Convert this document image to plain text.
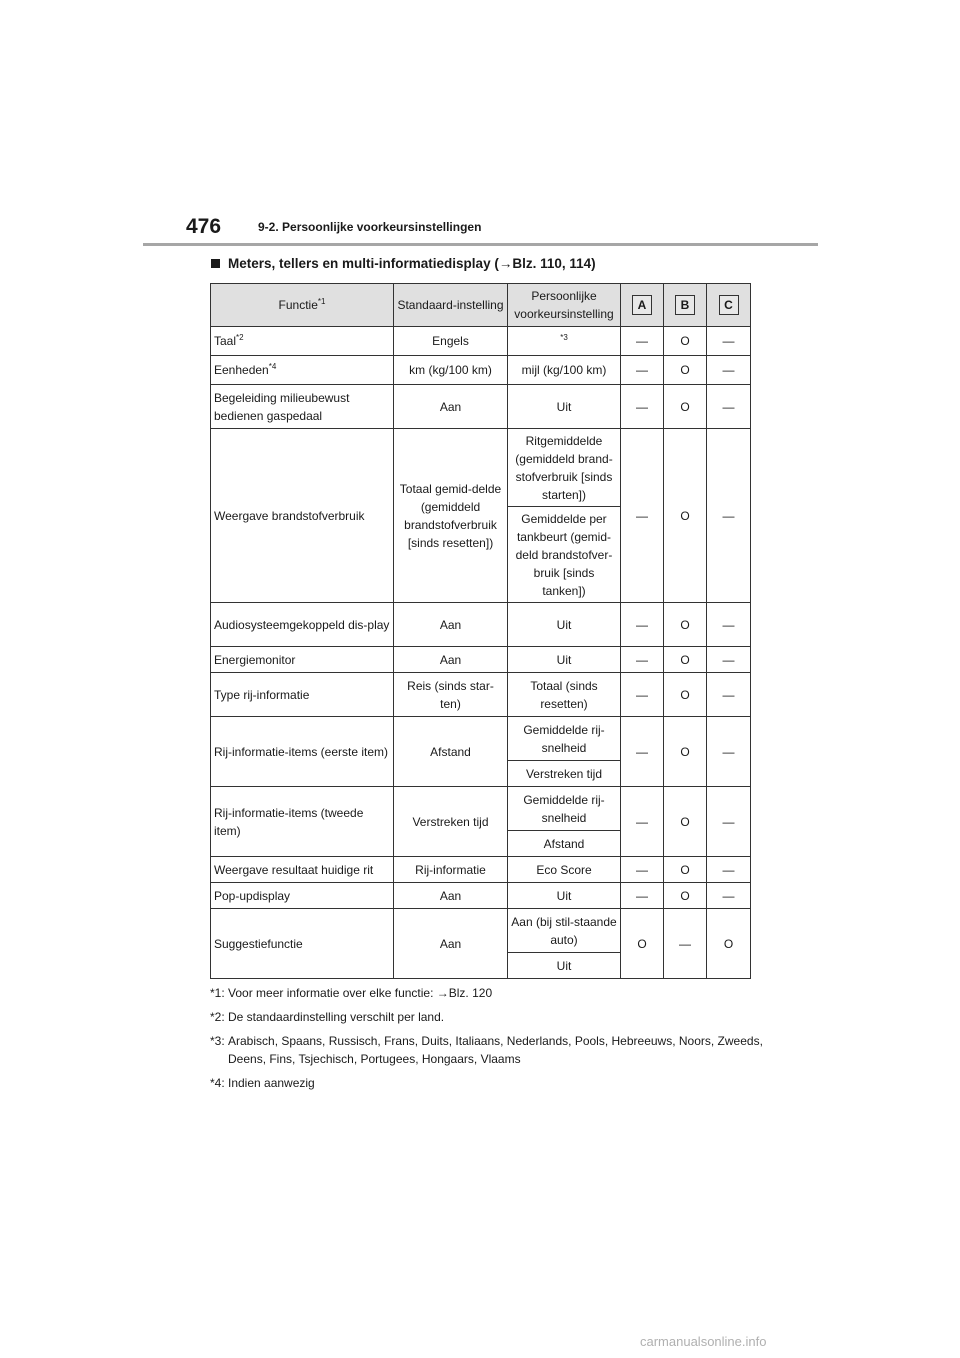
476	9-2. Persoonlijke voorkeursinstellingen
Meters, tellers en multi-informatiedisplay (→Blz. 110, 114)
Functie$^{*1}$	Standaard-instelling	Persoonlijke voorkeursinstelling	A	B	C
Taal$^{*2}$	Engels	$^{*3}$	—	O	—
Eenheden$^{*4}$	km (kg/100 km)	mijl (kg/100 km)	—	O	—
Begeleiding milieubewust bedienen gaspedaal	Aan	Uit	—	O	—
Weergave brandstofverbruik	Totaal gemid-delde (gemiddeld brandstofverbruik [sinds resetten])	Ritgemiddelde (gemiddeld brand-stofverbruik [sinds starten])	—	O	—
		Gemiddelde per tankbeurt (gemid-deld brandstofver-bruik [sinds tanken])			
Audiosysteemgekoppeld dis-play	Aan	Uit	—	O	—
Energiemonitor	Aan	Uit	—	O	—
Type rij-informatie	Reis (sinds star-ten)	Totaal (sinds resetten)	—	O	—
Rij-informatie-items (eerste item)	Afstand	Gemiddelde rij-snelheid	—	O	—
		Verstreken tijd			
Rij-informatie-items (tweede item)	Verstreken tijd	Gemiddelde rij-snelheid	—	O	—
		Afstand			
Weergave resultaat huidige rit	Rij-informatie	Eco Score	—	O	—
Pop-updisplay	Aan	Uit	—	O	—
Suggestiefunctie	Aan	Aan (bij stil-staande auto)	O	—	O
		Uit			
*1: Voor meer informatie over elke functie: →Blz. 120
*2: De standaardinstelling verschilt per land.
*3: Arabisch, Spaans, Russisch, Frans, Duits, Italiaans, Nederlands, Pools, Hebreeuws, Noors, Zweeds, Deens, Fins, Tsjechisch, Portugees, Hongaars, Vlaams
*4: Indien aanwezig
carmanualsonline.info
